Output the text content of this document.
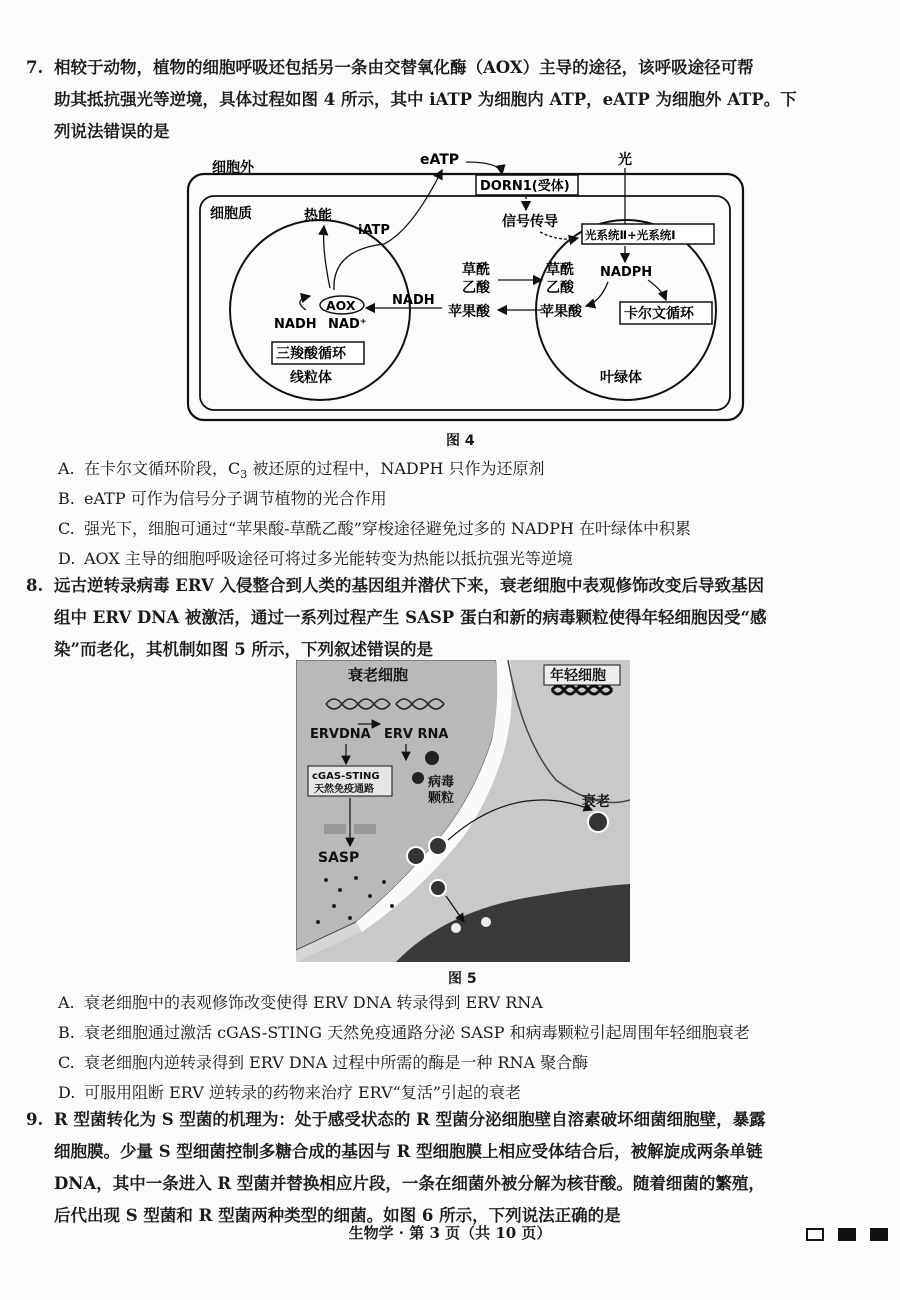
7. 相较于动物，植物的细胞呼吸还包括另一条由交替氧化酶（AOX）主导的途径，该呼吸途径可帮
助其抵抗强光等逆境，具体过程如图 4 所示，其中 iATP 为细胞内 ATP，eATP 为细胞外 ATP。下
列说法错误的是
细胞外
细胞质
DORN1(受体)
eATP	光
信号传导
热能
iATP
AOX
NADH NAD⁺
三羧酸循环
线粒体
NADH
草酰
乙酸
苹果酸
光系统Ⅱ+光系统Ⅰ
草酰
乙酸
NADPH
苹果酸	卡尔文循环
叶绿体
图 4
A. 在卡尔文循环阶段，$C_3$ 被还原的过程中，NADPH 只作为还原剂
B. eATP 可作为信号分子调节植物的光合作用
C. 强光下，细胞可通过“苹果酸-草酰乙酸”穿梭途径避免过多的 NADPH 在叶绿体中积累
D. AOX 主导的细胞呼吸途径可将过多光能转变为热能以抵抗强光等逆境
8. 远古逆转录病毒 ERV 入侵整合到人类的基因组并潜伏下来，衰老细胞中表观修饰改变后导致基因
组中 ERV DNA 被激活，通过一系列过程产生 SASP 蛋白和新的病毒颗粒使得年轻细胞因受“感
染”而老化，其机制如图 5 所示，下列叙述错误的是
衰老细胞	年轻细胞
ERVDNA ERV RNA
cGAS-STING
天然免疫通路	病毒
颗粒
SASP
衰老
图 5
A. 衰老细胞中的表观修饰改变使得 ERV DNA 转录得到 ERV RNA
B. 衰老细胞通过激活 cGAS-STING 天然免疫通路分泌 SASP 和病毒颗粒引起周围年轻细胞衰老
C. 衰老细胞内逆转录得到 ERV DNA 过程中所需的酶是一种 RNA 聚合酶
D. 可服用阻断 ERV 逆转录的药物来治疗 ERV“复活”引起的衰老
9. R 型菌转化为 S 型菌的机理为：处于感受状态的 R 型菌分泌细胞壁自溶素破坏细菌细胞壁，暴露
细胞膜。少量 S 型细菌控制多糖合成的基因与 R 型细胞膜上相应受体结合后，被解旋成两条单链
DNA，其中一条进入 R 型菌并替换相应片段，一条在细菌外被分解为核苷酸。随着细菌的繁殖，
后代出现 S 型菌和 R 型菌两种类型的细菌。如图 6 所示，下列说法正确的是
生物学 · 第 3 页（共 10 页）
